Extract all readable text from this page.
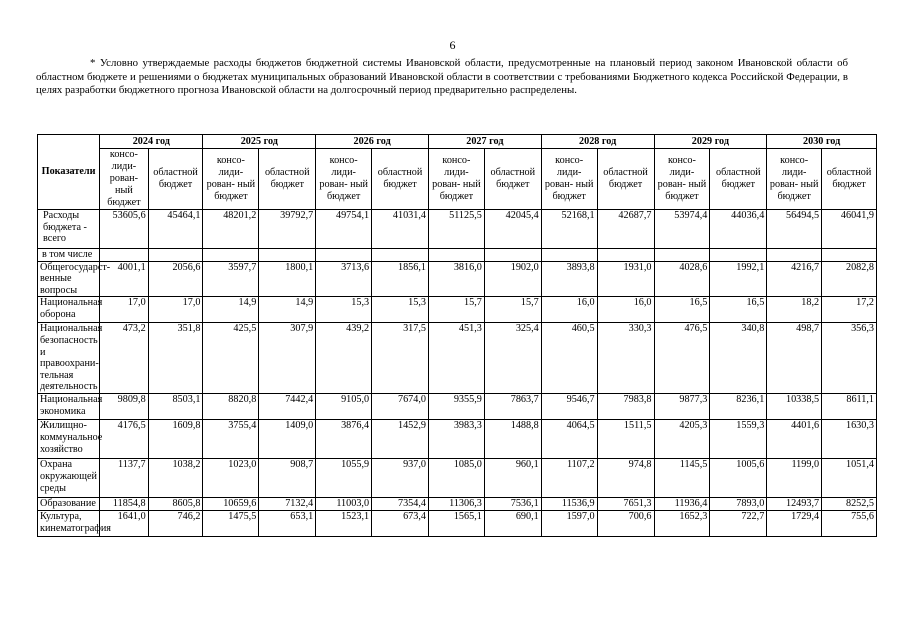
6

* Условно утверждаемые расходы бюджетов бюджетной системы Ивановской области, предусмотренные на плановый период законом Ивановской области об областном бюджете и решениями о бюджетах муниципальных образований Ивановской области в соответствии с требованиями Бюджетного кодекса Российской Федерации, в целях разработки бюджетного прогноза Ивановской области на долгосрочный период предварительно распределены.

Показатели	2024 год		2025 год		2026 год		2027 год		2028 год		2029 год		2030 год	
	консо- лиди- рован- ный бюджет	областной бюджет	консо- лиди- рован- ный бюджет	областной бюджет	консо- лиди- рован- ный бюджет	областной бюджет	консо- лиди- рован- ный бюджет	областной бюджет	консо- лиди- рован- ный бюджет	областной бюджет	консо- лиди- рован- ный бюджет	областной бюджет	консо- лиди- рован- ный бюджет	областной бюджет
Расходы бюджета - всего	53605,6	45464,1	48201,2	39792,7	49754,1	41031,4	51125,5	42045,4	52168,1	42687,7	53974,4	44036,4	56494,5	46041,9
в том числе														
Общегосударст- венные вопросы	4001,1	2056,6	3597,7	1800,1	3713,6	1856,1	3816,0	1902,0	3893,8	1931,0	4028,6	1992,1	4216,7	2082,8
Национальная оборона	17,0	17,0	14,9	14,9	15,3	15,3	15,7	15,7	16,0	16,0	16,5	16,5	18,2	17,2
Национальная безопасность и правоохрани- тельная деятельность	473,2	351,8	425,5	307,9	439,2	317,5	451,3	325,4	460,5	330,3	476,5	340,8	498,7	356,3
Национальная экономика	9809,8	8503,1	8820,8	7442,4	9105,0	7674,0	9355,9	7863,7	9546,7	7983,8	9877,3	8236,1	10338,5	8611,1
Жилищно- коммунальное хозяйство	4176,5	1609,8	3755,4	1409,0	3876,4	1452,9	3983,3	1488,8	4064,5	1511,5	4205,3	1559,3	4401,6	1630,3
Охрана окружающей среды	1137,7	1038,2	1023,0	908,7	1055,9	937,0	1085,0	960,1	1107,2	974,8	1145,5	1005,6	1199,0	1051,4
Образование	11854,8	8605,8	10659,6	7132,4	11003,0	7354,4	11306,3	7536,1	11536,9	7651,3	11936,4	7893,0	12493,7	8252,5
Культура, кинематография	1641,0	746,2	1475,5	653,1	1523,1	673,4	1565,1	690,1	1597,0	700,6	1652,3	722,7	1729,4	755,6
